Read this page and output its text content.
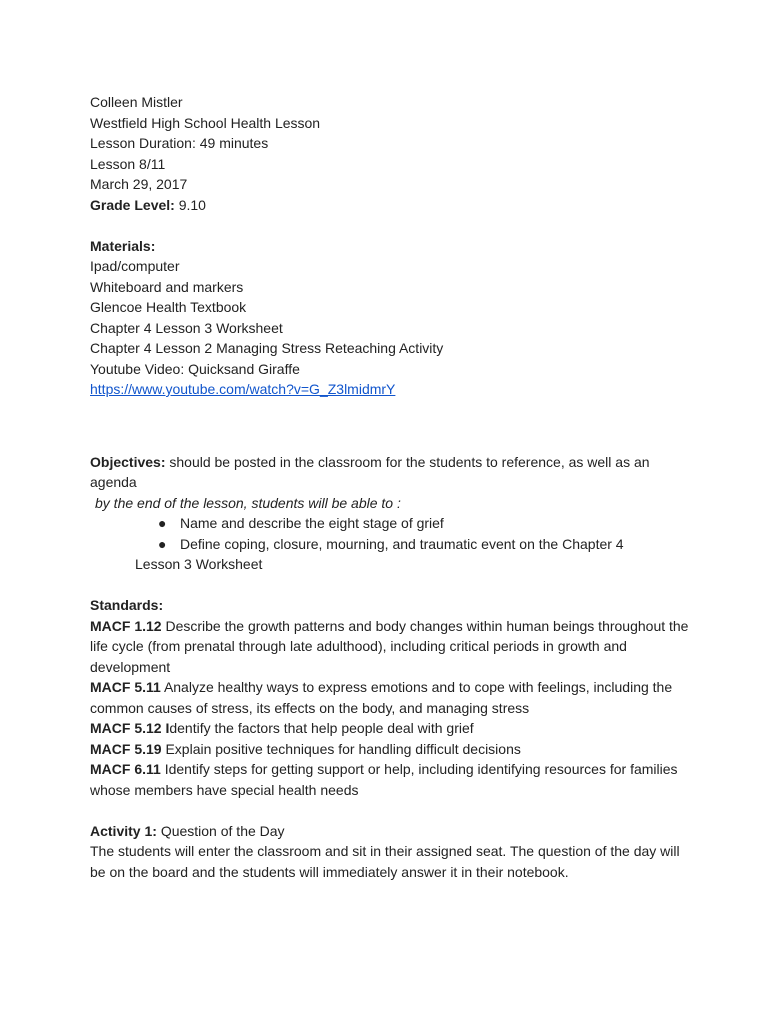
Colleen Mistler
Westfield High School Health Lesson
Lesson Duration: 49 minutes
Lesson 8/11
March 29, 2017
Grade Level: 9.10
Materials:
Ipad/computer
Whiteboard and markers
Glencoe Health Textbook
Chapter 4 Lesson 3 Worksheet
Chapter 4 Lesson 2 Managing Stress Reteaching Activity
Youtube Video: Quicksand Giraffe
https://www.youtube.com/watch?v=G_Z3lmidmrY
Objectives: should be posted in the classroom for the students to reference, as well as an agenda
by the end of the lesson, students will be able to :
● Name and describe the eight stage of grief
● Define coping, closure, mourning, and traumatic event on the Chapter 4
Lesson 3 Worksheet
Standards:
MACF 1.12 Describe the growth patterns and body changes within human beings throughout the life cycle (from prenatal through late adulthood), including critical periods in growth and development
MACF 5.11 Analyze healthy ways to express emotions and to cope with feelings, including the common causes of stress, its effects on the body, and managing stress
MACF 5.12 Identify the factors that help people deal with grief
MACF 5.19 Explain positive techniques for handling difficult decisions
MACF 6.11 Identify steps for getting support or help, including identifying resources for families whose members have special health needs
Activity 1: Question of the Day
The students will enter the classroom and sit in their assigned seat. The question of the day will be on the board and the students will immediately answer it in their notebook.
